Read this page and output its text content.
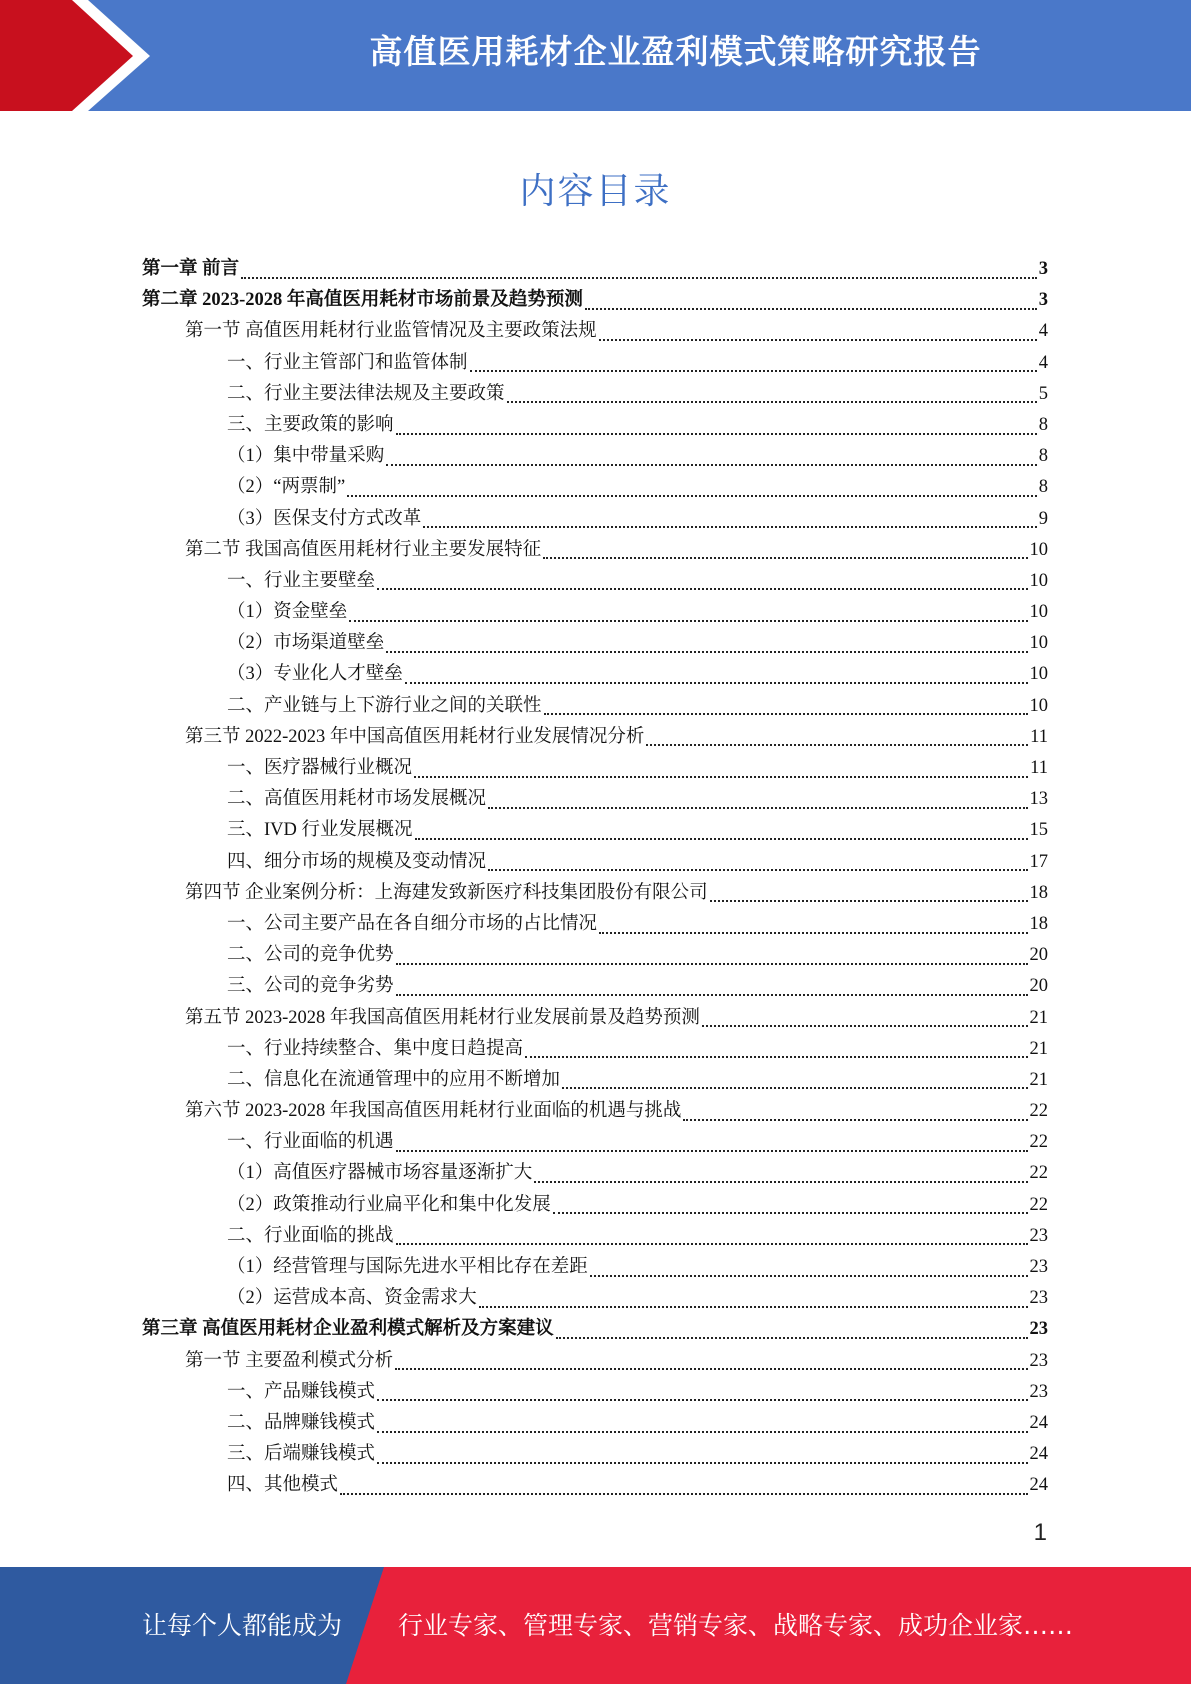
高值医用耗材企业盈利模式策略研究报告
内容目录
第一章 前言	3
第二章 2023-2028 年高值医用耗材市场前景及趋势预测	3
第一节 高值医用耗材行业监管情况及主要政策法规	4
一、行业主管部门和监管体制	4
二、行业主要法律法规及主要政策	5
三、主要政策的影响	8
（1）集中带量采购	8
（2）“两票制”	8
（3）医保支付方式改革	9
第二节 我国高值医用耗材行业主要发展特征	10
一、行业主要壁垒	10
（1）资金壁垒	10
（2）市场渠道壁垒	10
（3）专业化人才壁垒	10
二、产业链与上下游行业之间的关联性	10
第三节 2022-2023 年中国高值医用耗材行业发展情况分析	11
一、医疗器械行业概况	11
二、高值医用耗材市场发展概况	13
三、IVD 行业发展概况	15
四、细分市场的规模及变动情况	17
第四节 企业案例分析：上海建发致新医疗科技集团股份有限公司	18
一、公司主要产品在各自细分市场的占比情况	18
二、公司的竞争优势	20
三、公司的竞争劣势	20
第五节 2023-2028 年我国高值医用耗材行业发展前景及趋势预测	21
一、行业持续整合、集中度日趋提高	21
二、信息化在流通管理中的应用不断增加	21
第六节 2023-2028 年我国高值医用耗材行业面临的机遇与挑战	22
一、行业面临的机遇	22
（1）高值医疗器械市场容量逐渐扩大	22
（2）政策推动行业扁平化和集中化发展	22
二、行业面临的挑战	23
（1）经营管理与国际先进水平相比存在差距	23
（2）运营成本高、资金需求大	23
第三章 高值医用耗材企业盈利模式解析及方案建议	23
第一节 主要盈利模式分析	23
一、产品赚钱模式	23
二、品牌赚钱模式	24
三、后端赚钱模式	24
四、其他模式	24
1
让每个人都能成为 行业专家、管理专家、营销专家、战略专家、成功企业家……
